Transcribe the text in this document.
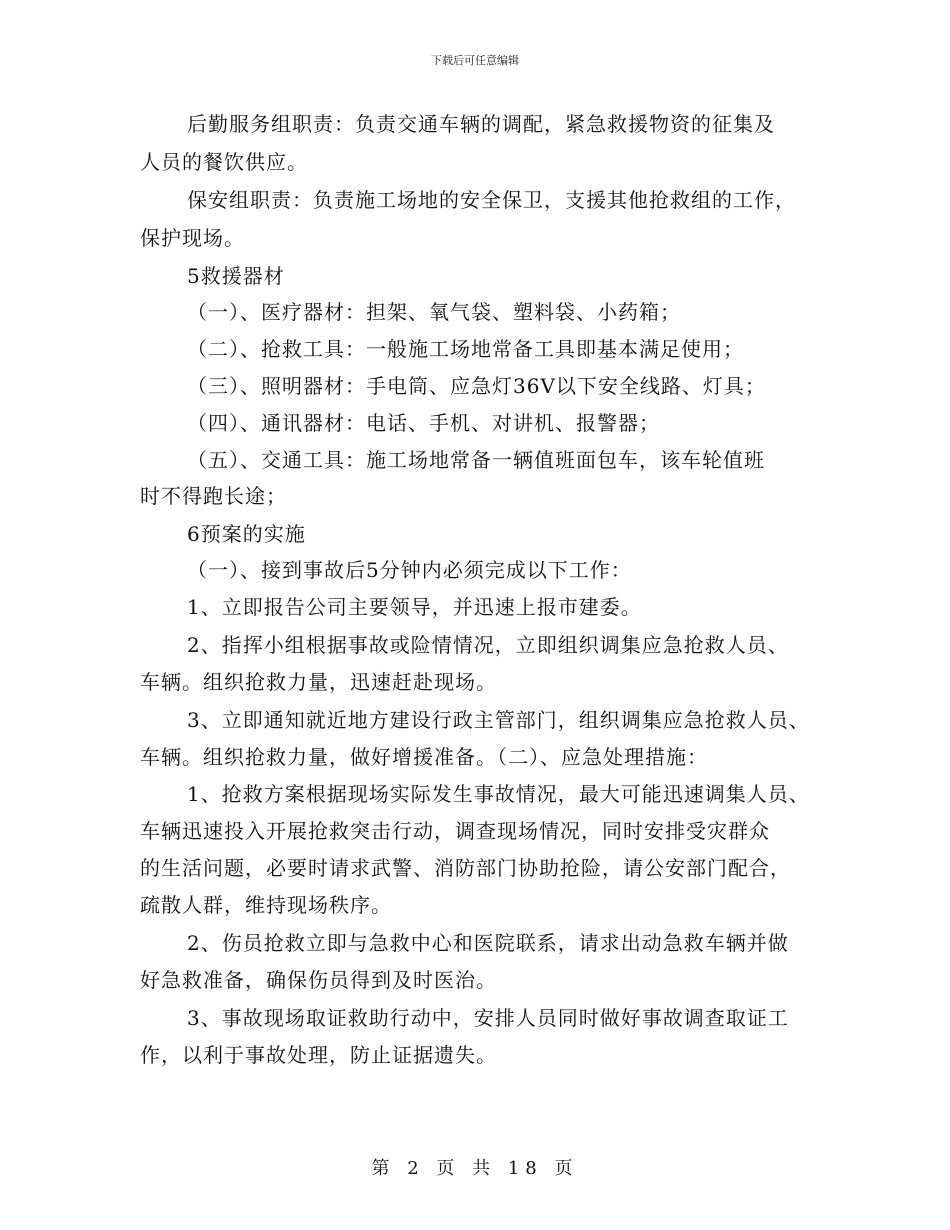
下载后可任意编辑
后勤服务组职责：负责交通车辆的调配，紧急救援物资的征集及
人员的餐饮供应。
保安组职责：负责施工场地的安全保卫，支援其他抢救组的工作，
保护现场。
5救援器材
（一）、医疗器材：担架、氧气袋、塑料袋、小药箱；
（二）、抢救工具：一般施工场地常备工具即基本满足使用；
（三）、照明器材：手电筒、应急灯36V以下安全线路、灯具；
（四）、通讯器材：电话、手机、对讲机、报警器；
（五）、交通工具：施工场地常备一辆值班面包车，该车轮值班
时不得跑长途；
6预案的实施
（一）、接到事故后5分钟内必须完成以下工作：
1、立即报告公司主要领导，并迅速上报市建委。
2、指挥小组根据事故或险情情况，立即组织调集应急抢救人员、
车辆。组织抢救力量，迅速赶赴现场。
3、立即通知就近地方建设行政主管部门，组织调集应急抢救人员、
车辆。组织抢救力量，做好增援准备。（二）、应急处理措施：
1、抢救方案根据现场实际发生事故情况，最大可能迅速调集人员、
车辆迅速投入开展抢救突击行动，调查现场情况，同时安排受灾群众
的生活问题，必要时请求武警、消防部门协助抢险，请公安部门配合，
疏散人群，维持现场秩序。
2、伤员抢救立即与急救中心和医院联系，请求出动急救车辆并做
好急救准备，确保伤员得到及时医治。
3、事故现场取证救助行动中，安排人员同时做好事故调查取证工
作，以利于事故处理，防止证据遗失。
第 2 页 共 18 页
